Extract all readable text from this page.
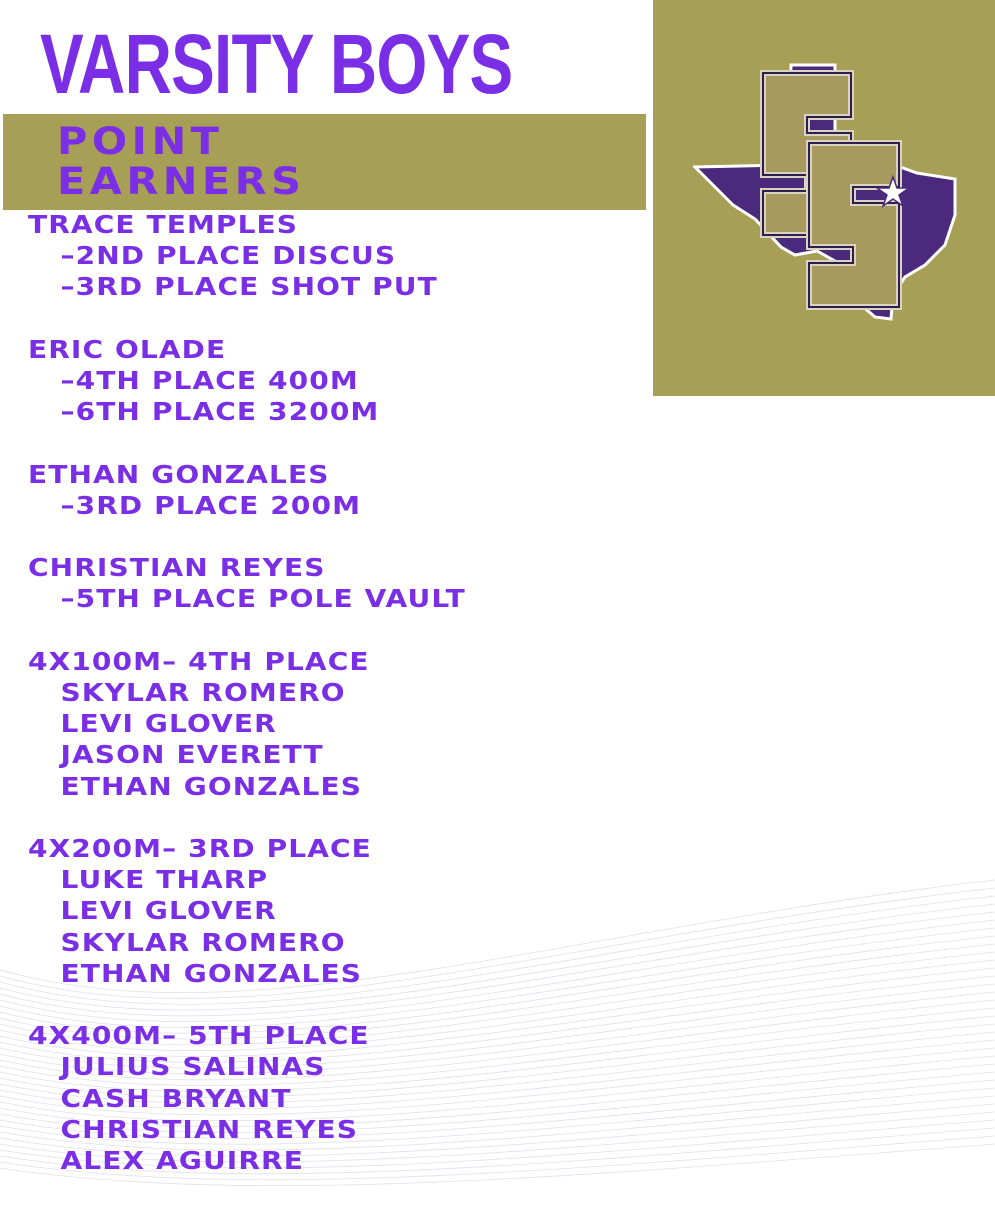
VARSITY BOYS
POINT
EARNERS
TRACE TEMPLES
–2ND PLACE DISCUS
–3RD PLACE SHOT PUT
ERIC OLADE
–4TH PLACE 400M
–6TH PLACE 3200M
ETHAN GONZALES
–3RD PLACE 200M
CHRISTIAN REYES
–5TH PLACE POLE VAULT
4X100M– 4TH PLACE
SKYLAR ROMERO
LEVI GLOVER
JASON EVERETT
ETHAN GONZALES
4X200M– 3RD PLACE
LUKE THARP
LEVI GLOVER
SKYLAR ROMERO
ETHAN GONZALES
4X400M– 5TH PLACE
JULIUS SALINAS
CASH BRYANT
CHRISTIAN REYES
ALEX AGUIRRE
